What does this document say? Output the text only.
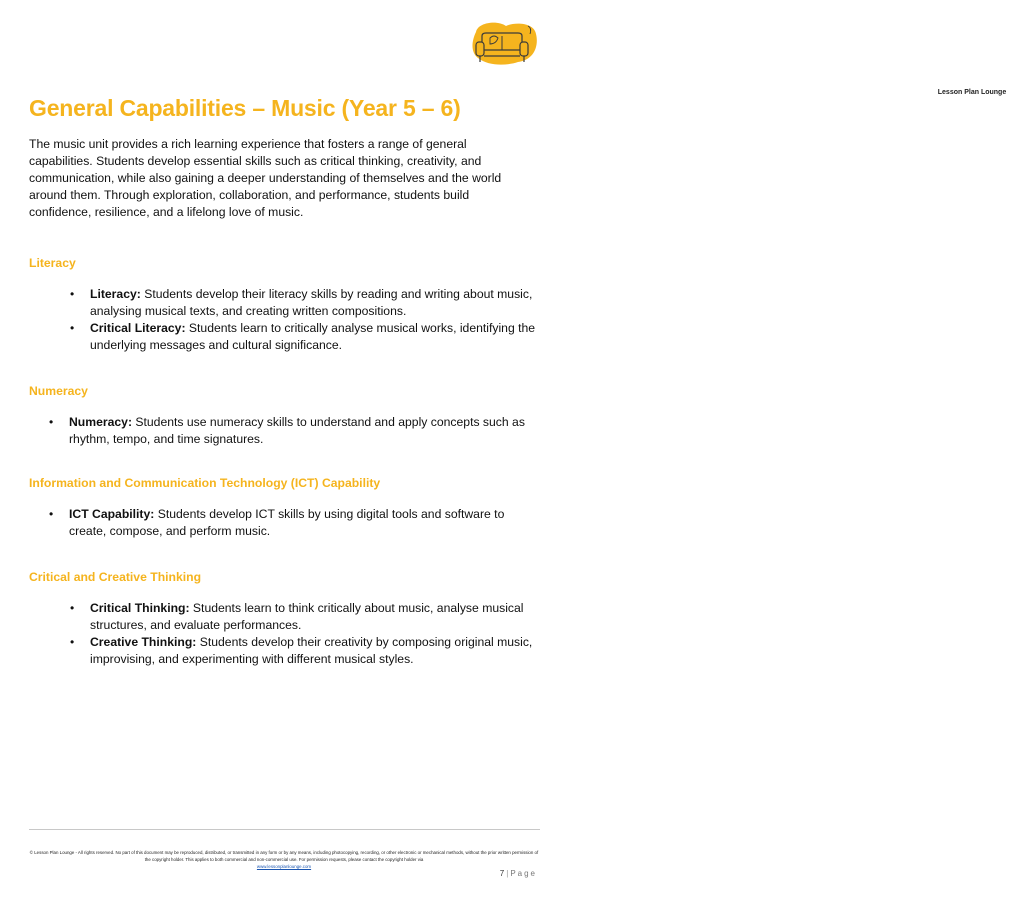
Lesson Plan Lounge
General Capabilities – Music (Year 5 – 6)

The music unit provides a rich learning experience that fosters a range of general capabilities. Students develop essential skills such as critical thinking, creativity, and communication, while also gaining a deeper understanding of themselves and the world around them. Through exploration, collaboration, and performance, students build confidence, resilience, and a lifelong love of music.

Literacy
• Literacy: Students develop their literacy skills by reading and writing about music, analysing musical texts, and creating written compositions.
• Critical Literacy: Students learn to critically analyse musical works, identifying the underlying messages and cultural significance.
Numeracy
• Numeracy: Students use numeracy skills to understand and apply concepts such as rhythm, tempo, and time signatures.
Information and Communication Technology (ICT) Capability
• ICT Capability: Students develop ICT skills by using digital tools and software to create, compose, and perform music.
Critical and Creative Thinking
• Critical Thinking: Students learn to think critically about music, analyse musical structures, and evaluate performances.
• Creative Thinking: Students develop their creativity by composing original music, improvising, and experimenting with different musical styles.

© Lesson Plan Lounge - All rights reserved. No part of this document may be reproduced, distributed, or transmitted in any form or by any means, including photocopying, recording, or other electronic or mechanical methods, without the prior written permission of the copyright holder. This applies to both commercial and non-commercial use. For permission requests, please contact the copyright holder via
www.lessonplanlounge.com

7 | Page
